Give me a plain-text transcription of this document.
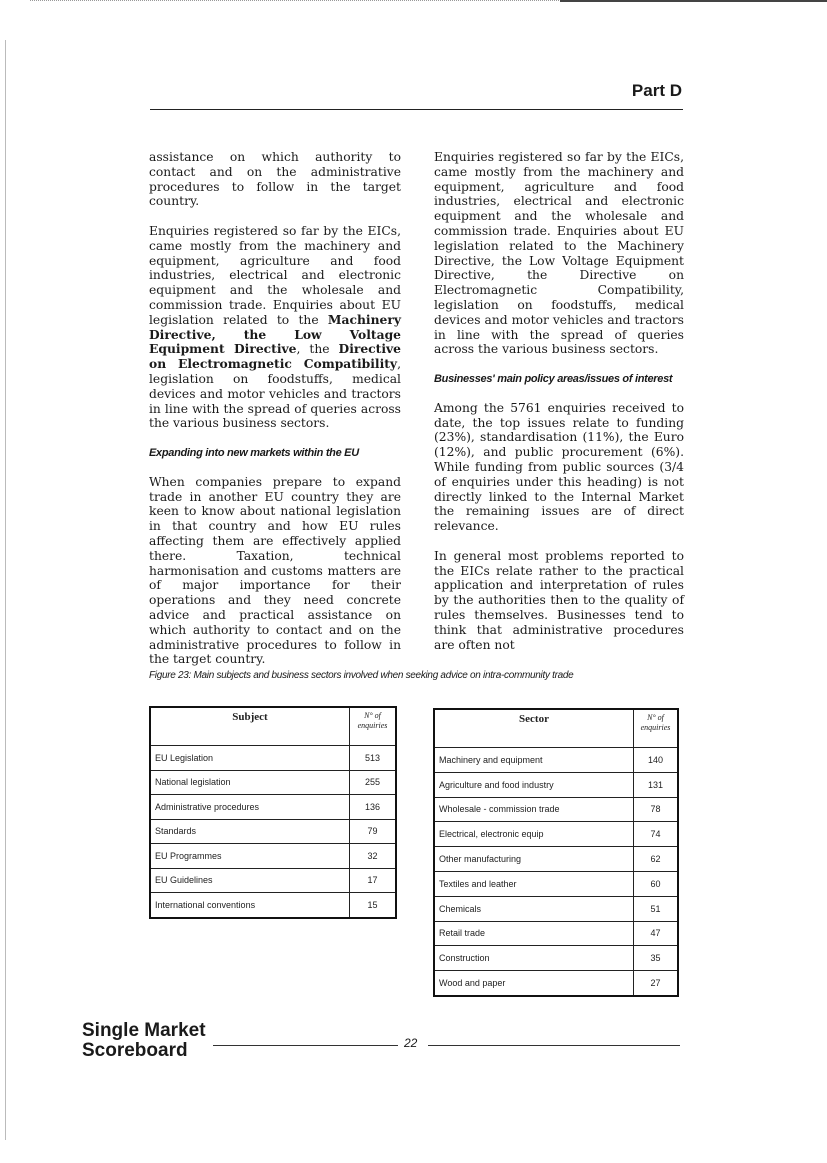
Part D

assistance on which authority to contact and on the administrative procedures to follow in the target country.

Enquiries registered so far by the EICs, came mostly from the machinery and equipment, agriculture and food industries, electrical and electronic equipment and the wholesale and commission trade. Enquiries about EU legislation related to the Machinery Directive, the Low Voltage Equipment Directive, the Directive on Electromagnetic Compatibility, legislation on foodstuffs, medical devices and motor vehicles and tractors in line with the spread of queries across the various business sectors.

Expanding into new markets within the EU

When companies prepare to expand trade in another EU country they are keen to know about national legislation in that country and how EU rules affecting them are effectively applied there. Taxation, technical harmonisation and customs matters are of major importance for their operations and they need concrete advice and practical assistance on which authority to contact and on the administrative procedures to follow in the target country.

Enquiries registered so far by the EICs, came mostly from the machinery and equipment, agriculture and food industries, electrical and electronic equipment and the wholesale and commission trade. Enquiries about EU legislation related to the Machinery Directive, the Low Voltage Equipment Directive, the Directive on Electromagnetic Compatibility, legislation on foodstuffs, medical devices and motor vehicles and tractors in line with the spread of queries across the various business sectors.

Businesses' main policy areas/issues of interest

Among the 5761 enquiries received to date, the top issues relate to funding (23%), standardisation (11%), the Euro (12%), and public procurement (6%). While funding from public sources (3/4 of enquiries under this heading) is not directly linked to the Internal Market the remaining issues are of direct relevance.

In general most problems reported to the EICs relate rather to the practical application and interpretation of rules by the authorities then to the quality of rules themselves. Businesses tend to think that administrative procedures are often not

Figure 23: Main subjects and business sectors involved when seeking advice on intra-community trade
Subject	N° of enquiries
EU Legislation	513
National legislation	255
Administrative procedures	136
Standards	79
EU Programmes	32
EU Guidelines	17
International conventions	15
Sector	N° of enquiries
Machinery and equipment	140
Agriculture and food industry	131
Wholesale - commission trade	78
Electrical, electronic equip	74
Other manufacturing	62
Textiles and leather	60
Chemicals	51
Retail trade	47
Construction	35
Wood and paper	27
Single Market
Scoreboard	22
